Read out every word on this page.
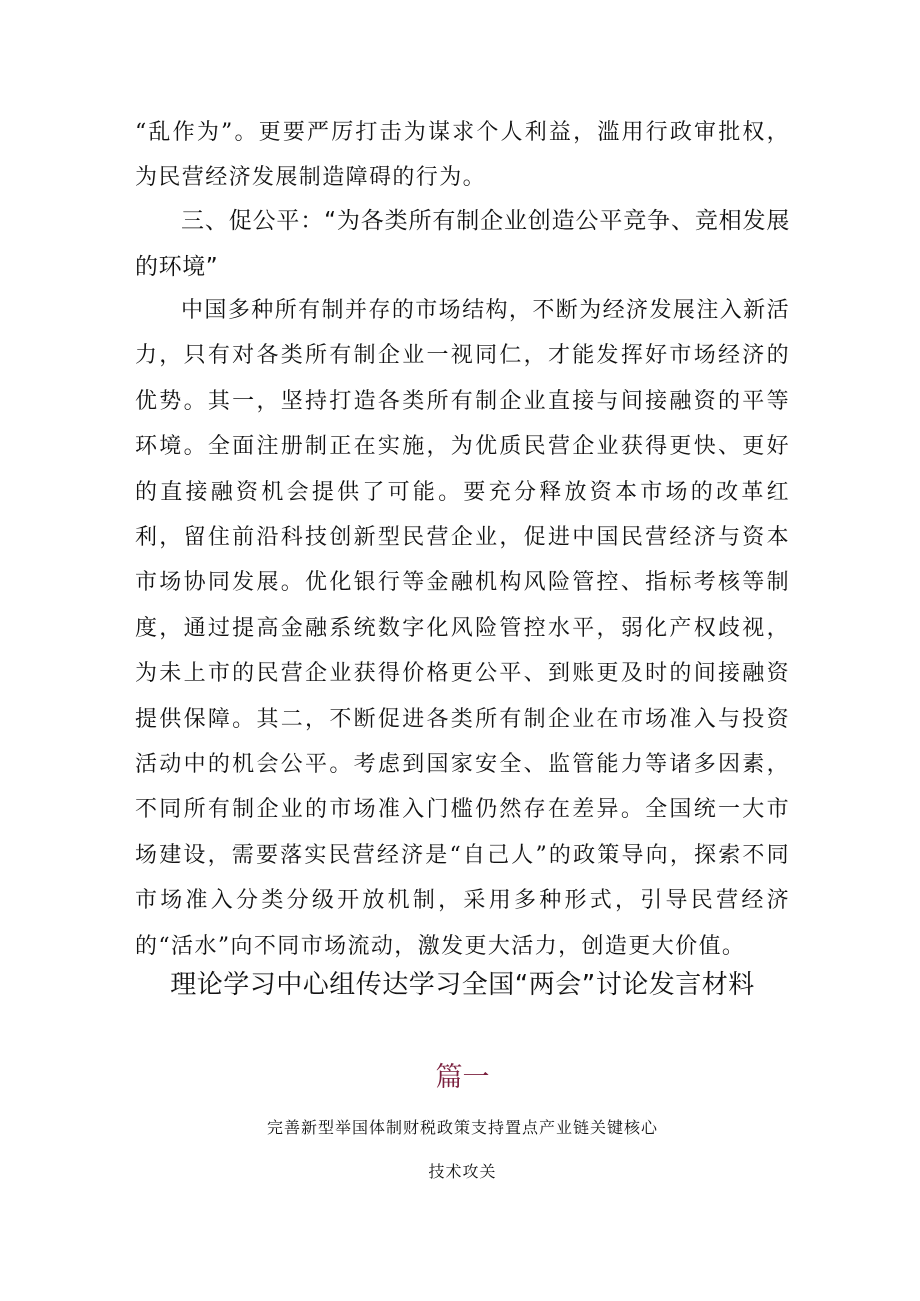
“乱作为”。更要严厉打击为谋求个人利益，滥用行政审批权，为民营经济发展制造障碍的行为。

三、促公平：“为各类所有制企业创造公平竞争、竞相发展的环境”

中国多种所有制并存的市场结构，不断为经济发展注入新活力，只有对各类所有制企业一视同仁，才能发挥好市场经济的优势。其一，坚持打造各类所有制企业直接与间接融资的平等环境。全面注册制正在实施，为优质民营企业获得更快、更好的直接融资机会提供了可能。要充分释放资本市场的改革红利，留住前沿科技创新型民营企业，促进中国民营经济与资本市场协同发展。优化银行等金融机构风险管控、指标考核等制度，通过提高金融系统数字化风险管控水平，弱化产权歧视，为未上市的民营企业获得价格更公平、到账更及时的间接融资提供保障。其二，不断促进各类所有制企业在市场准入与投资活动中的机会公平。考虑到国家安全、监管能力等诸多因素，不同所有制企业的市场准入门槛仍然存在差异。全国统一大市场建设，需要落实民营经济是“自己人”的政策导向，探索不同市场准入分类分级开放机制，采用多种形式，引导民营经济的“活水”向不同市场流动，激发更大活力，创造更大价值。

理论学习中心组传达学习全国“两会”讨论发言材料

篇一

完善新型举国体制财税政策支持置点产业链关键核心

技术攻关
